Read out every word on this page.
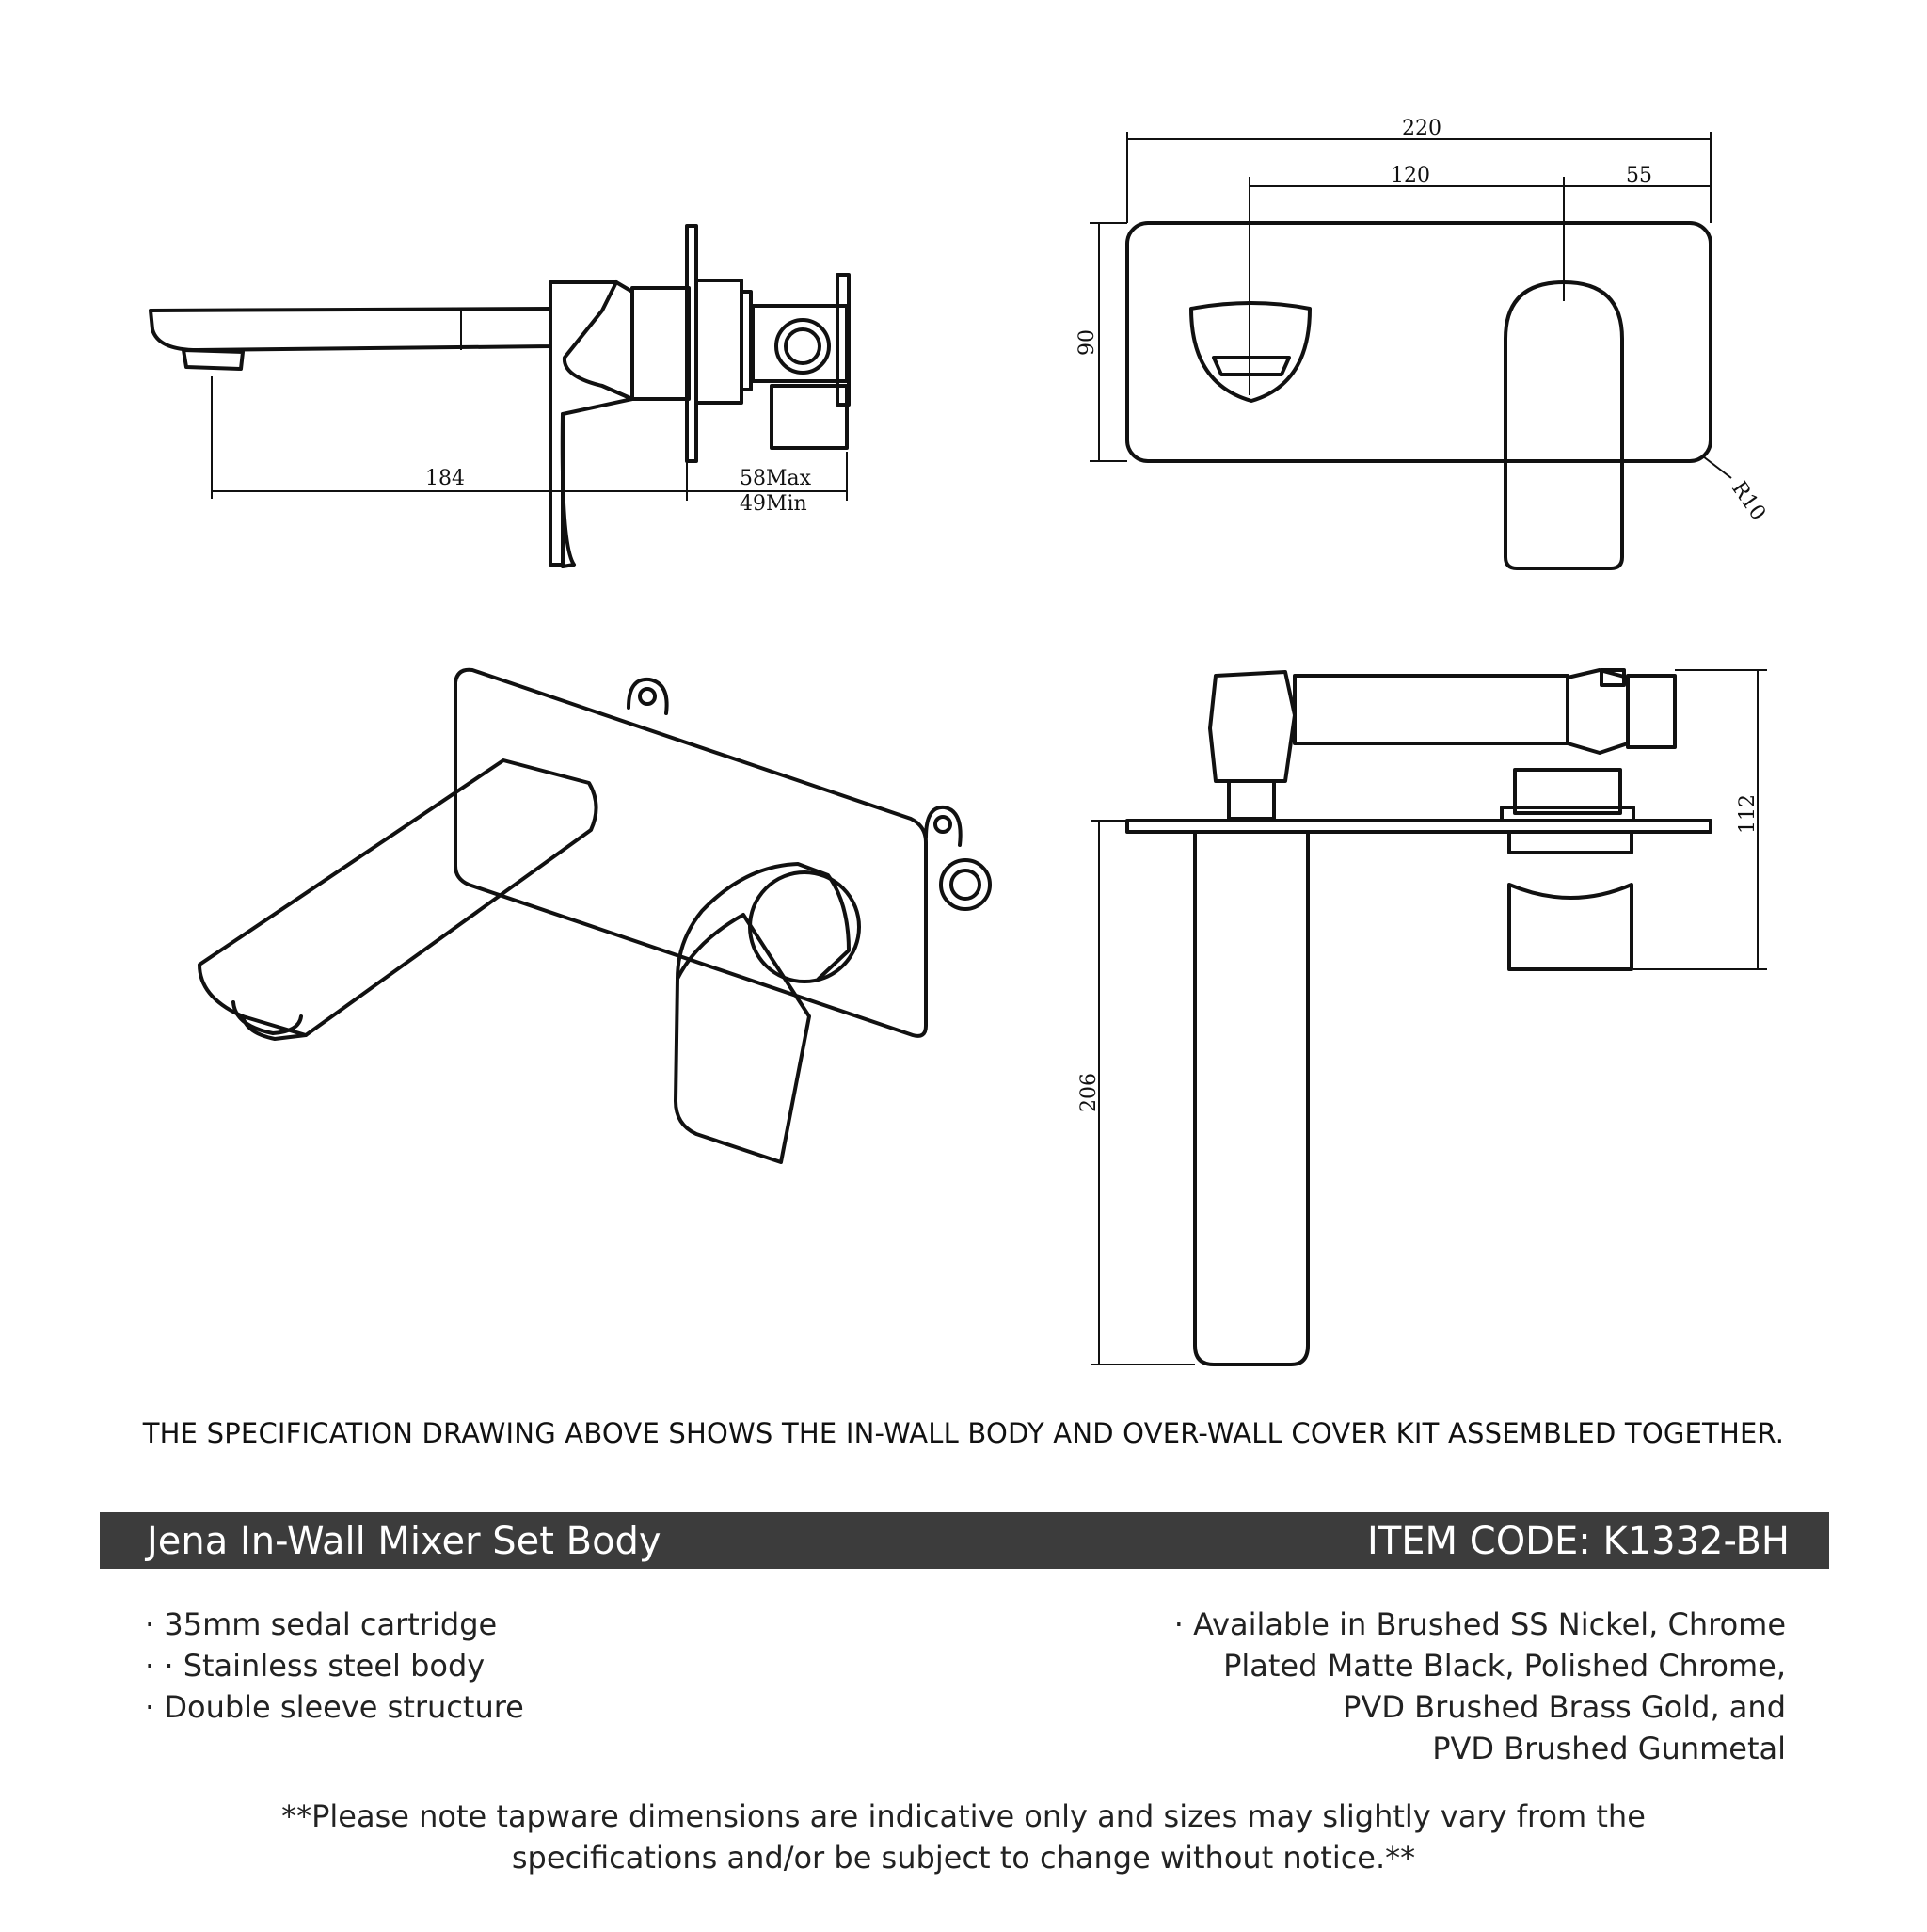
184	58Max
49Min
220
120	55
90
R10
112
206
THE SPECIFICATION DRAWING ABOVE SHOWS THE IN-WALL BODY AND OVER-WALL COVER KIT ASSEMBLED TOGETHER.
Jena In-Wall Mixer Set Body	ITEM CODE: K1332-BH
· 35mm sedal cartridge
· · Stainless steel body
· Double sleeve structure
· Available in Brushed SS Nickel, Chrome
Plated Matte Black, Polished Chrome,
PVD Brushed Brass Gold, and
PVD Brushed Gunmetal
**Please note tapware dimensions are indicative only and sizes may slightly vary from the
specifications and/or be subject to change without notice.**
